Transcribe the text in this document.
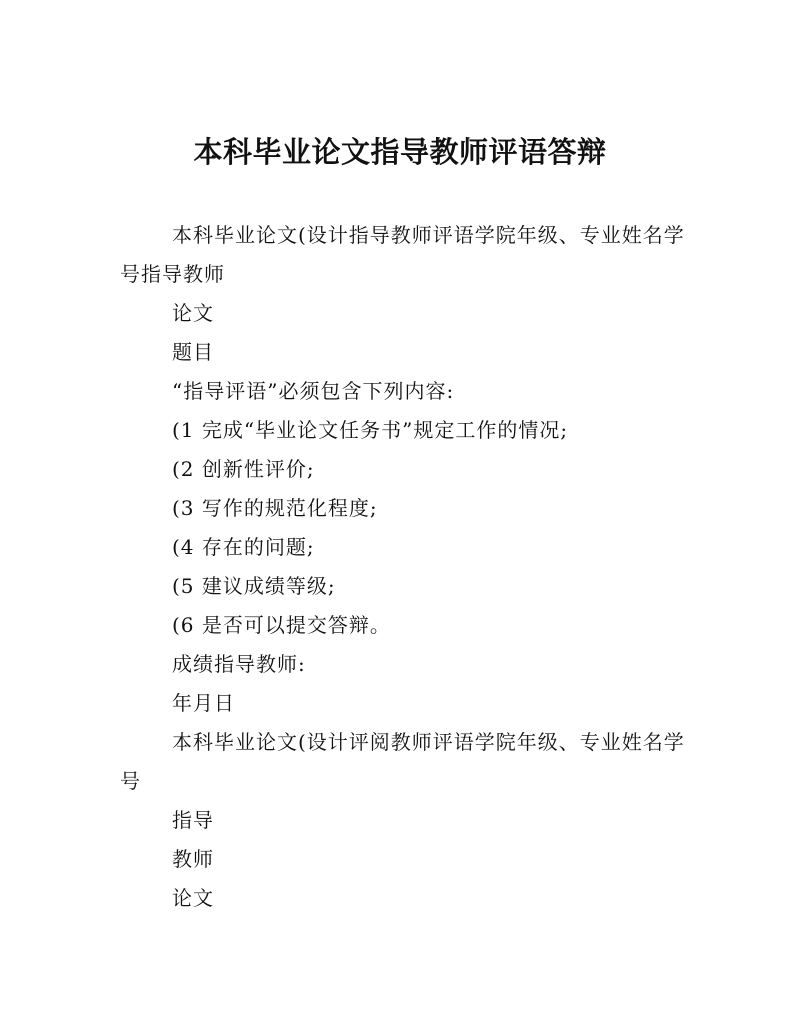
本科毕业论文指导教师评语答辩

本科毕业论文(设计指导教师评语学院年级、专业姓名学号指导教师

论文

题目

“指导评语”必须包含下列内容:

(1 完成“毕业论文任务书”规定工作的情况;

(2 创新性评价;

(3 写作的规范化程度;

(4 存在的问题;

(5 建议成绩等级;

(6 是否可以提交答辩。

成绩指导教师:

年月日

本科毕业论文(设计评阅教师评语学院年级、专业姓名学号

指导

教师

论文
